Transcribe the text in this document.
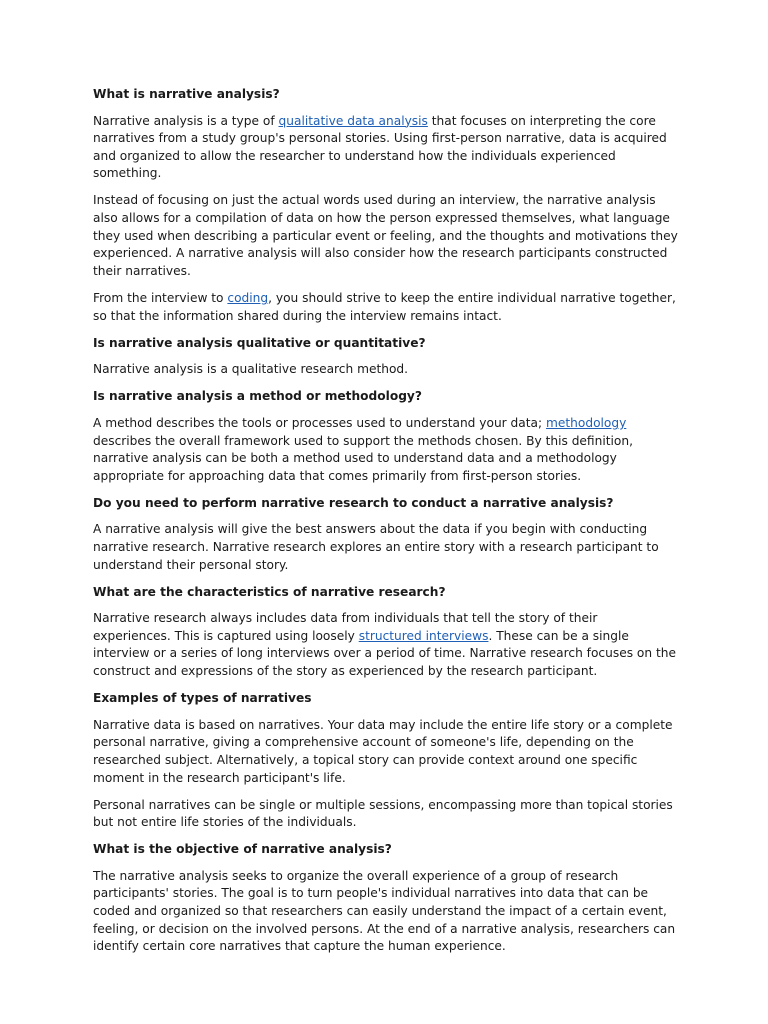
What is narrative analysis?

Narrative analysis is a type of qualitative data analysis that focuses on interpreting the core narratives from a study group's personal stories. Using first-person narrative, data is acquired and organized to allow the researcher to understand how the individuals experienced something.

Instead of focusing on just the actual words used during an interview, the narrative analysis also allows for a compilation of data on how the person expressed themselves, what language they used when describing a particular event or feeling, and the thoughts and motivations they experienced. A narrative analysis will also consider how the research participants constructed their narratives.

From the interview to coding, you should strive to keep the entire individual narrative together, so that the information shared during the interview remains intact.

Is narrative analysis qualitative or quantitative?

Narrative analysis is a qualitative research method.

Is narrative analysis a method or methodology?

A method describes the tools or processes used to understand your data; methodology describes the overall framework used to support the methods chosen. By this definition, narrative analysis can be both a method used to understand data and a methodology appropriate for approaching data that comes primarily from first-person stories.

Do you need to perform narrative research to conduct a narrative analysis?

A narrative analysis will give the best answers about the data if you begin with conducting narrative research. Narrative research explores an entire story with a research participant to understand their personal story.

What are the characteristics of narrative research?

Narrative research always includes data from individuals that tell the story of their experiences. This is captured using loosely structured interviews. These can be a single interview or a series of long interviews over a period of time. Narrative research focuses on the construct and expressions of the story as experienced by the research participant.

Examples of types of narratives

Narrative data is based on narratives. Your data may include the entire life story or a complete personal narrative, giving a comprehensive account of someone's life, depending on the researched subject. Alternatively, a topical story can provide context around one specific moment in the research participant's life.

Personal narratives can be single or multiple sessions, encompassing more than topical stories but not entire life stories of the individuals.

What is the objective of narrative analysis?

The narrative analysis seeks to organize the overall experience of a group of research participants' stories. The goal is to turn people's individual narratives into data that can be coded and organized so that researchers can easily understand the impact of a certain event, feeling, or decision on the involved persons. At the end of a narrative analysis, researchers can identify certain core narratives that capture the human experience.
